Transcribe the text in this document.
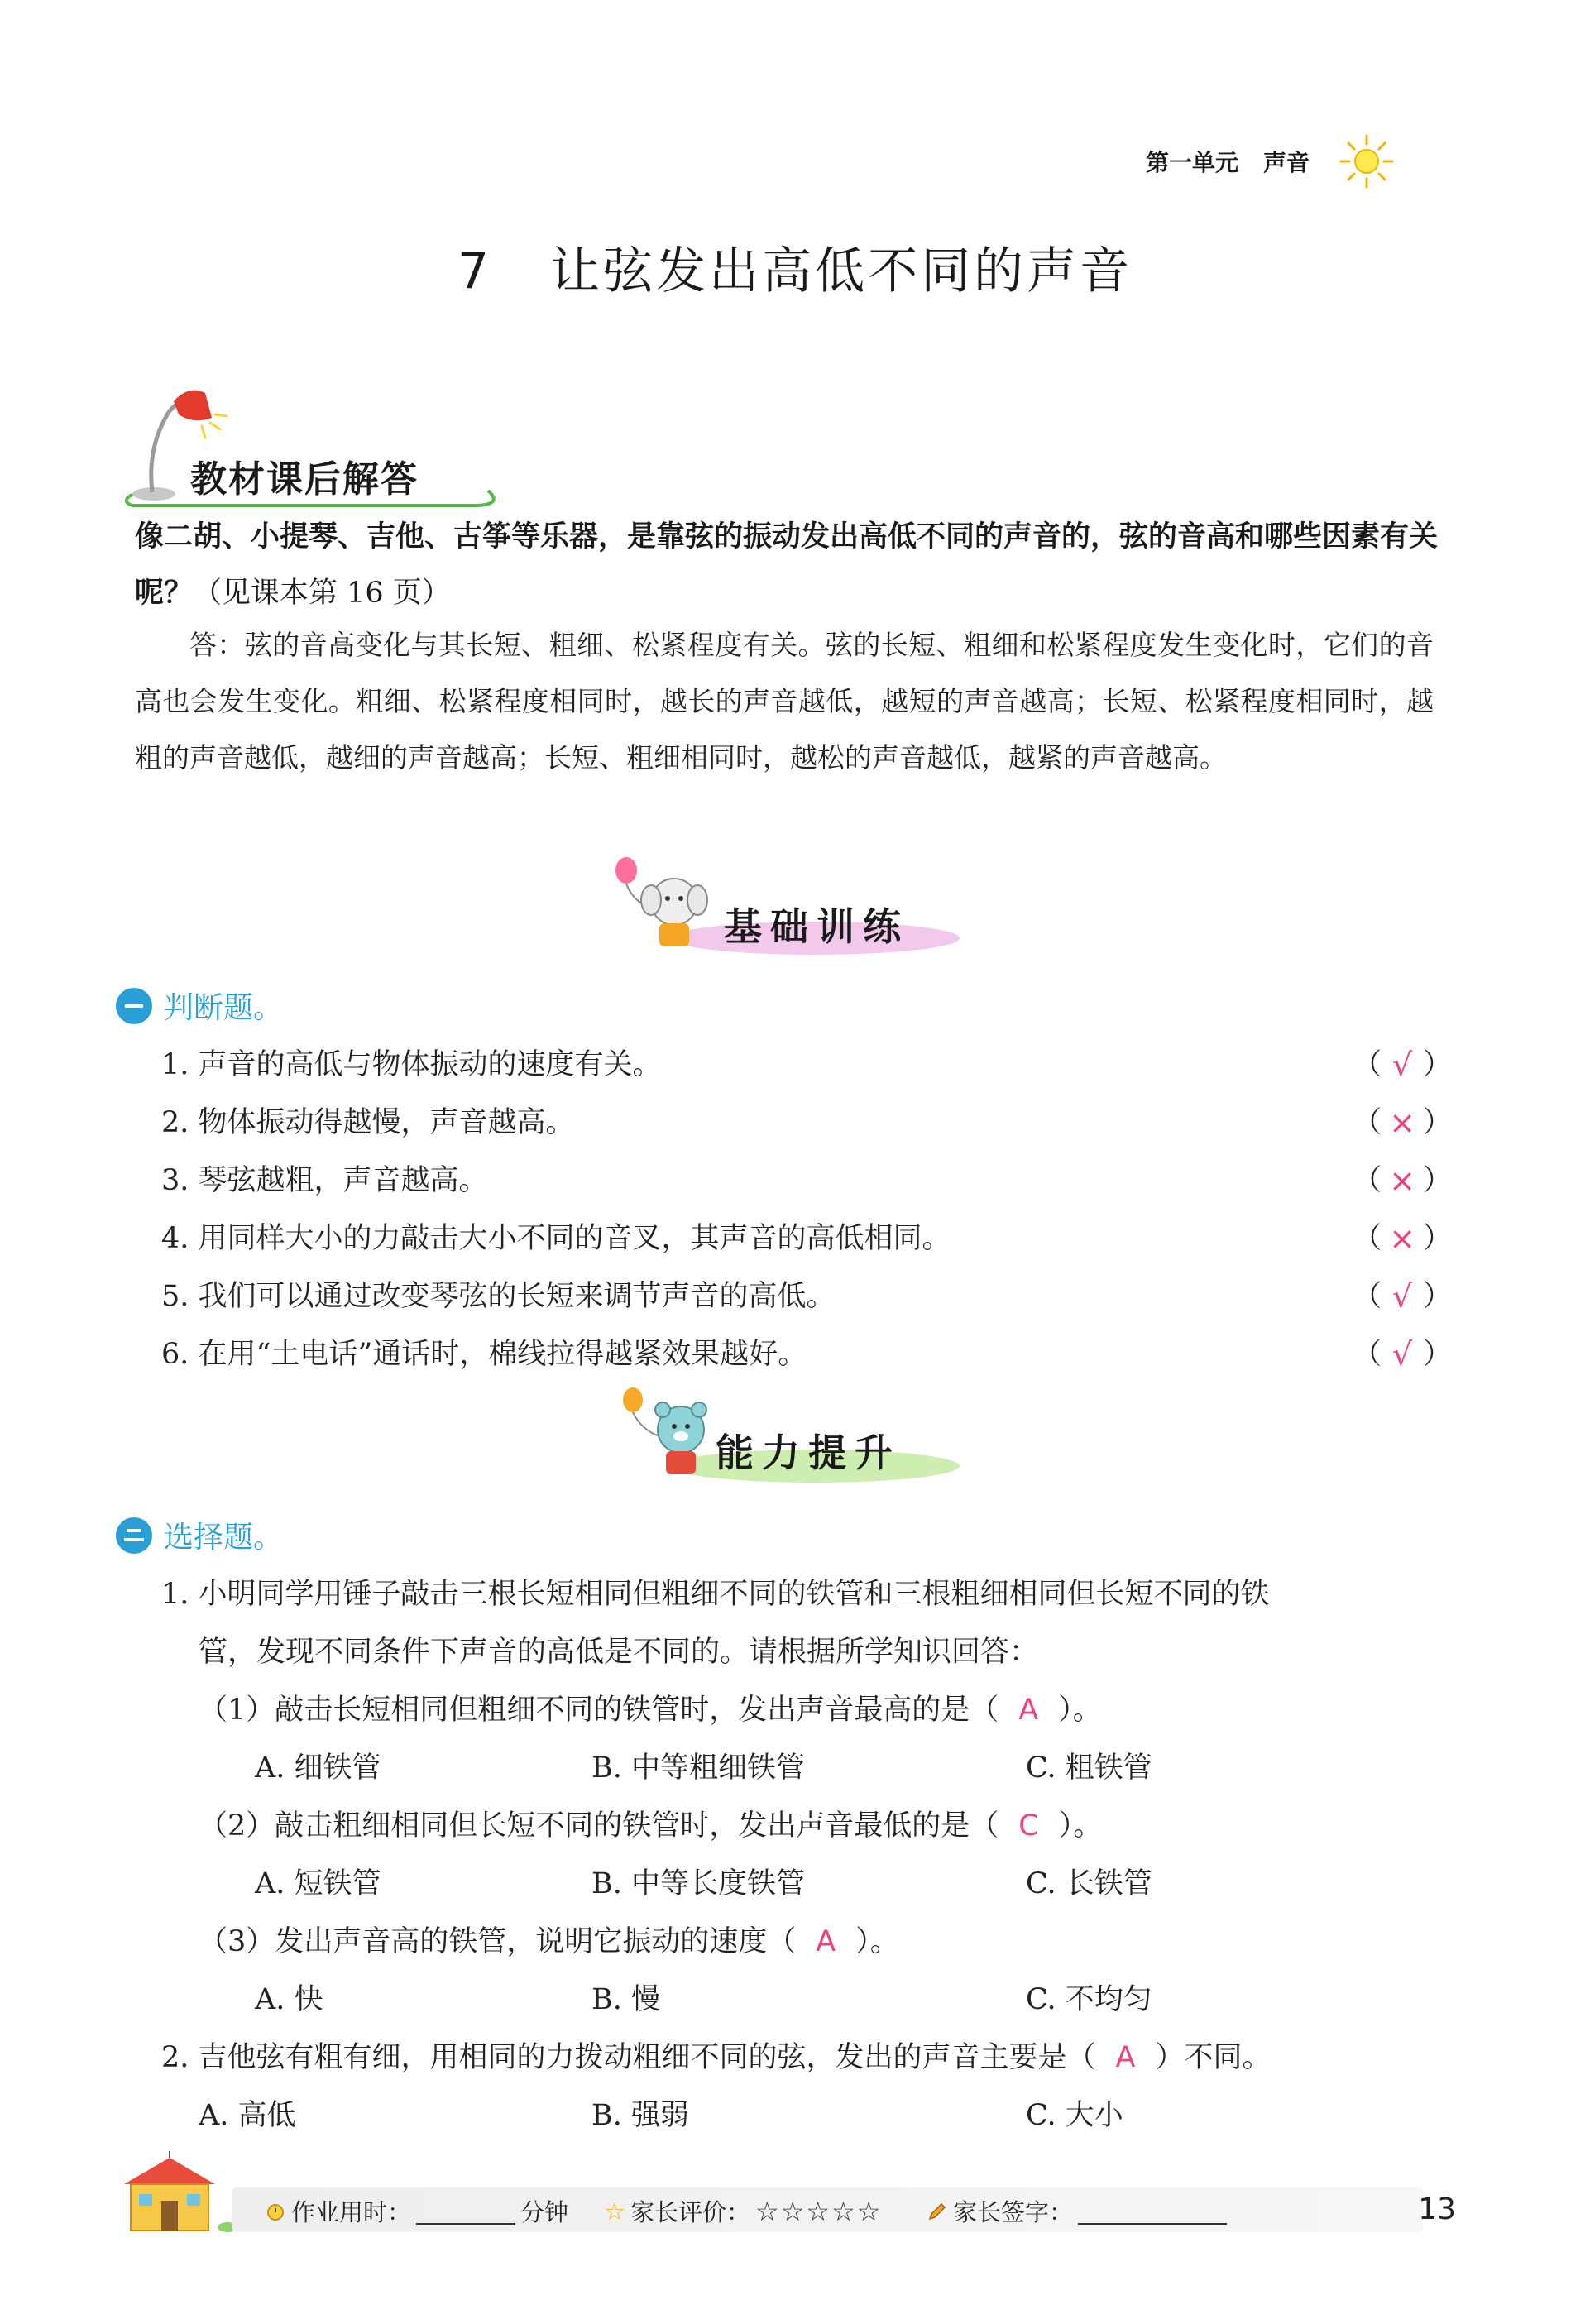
第一单元 声音
7 让弦发出高低不同的声音
教材课后解答
像二胡、小提琴、吉他、古筝等乐器，是靠弦的振动发出高低不同的声音的，弦的音高和哪些因素有关呢？（见课本第 16 页）
答：弦的音高变化与其长短、粗细、松紧程度有关。弦的长短、粗细和松紧程度发生变化时，它们的音高也会发生变化。粗细、松紧程度相同时，越长的声音越低，越短的声音越高；长短、松紧程度相同时，越粗的声音越低，越细的声音越高；长短、粗细相同时，越松的声音越低，越紧的声音越高。
基础训练
判断题。
1. 声音的高低与物体振动的速度有关。	（ √ ）
2. 物体振动得越慢，声音越高。	（ × ）
3. 琴弦越粗，声音越高。	（ × ）
4. 用同样大小的力敲击大小不同的音叉，其声音的高低相同。	（ × ）
5. 我们可以通过改变琴弦的长短来调节声音的高低。	（ √ ）
6. 在用“土电话”通话时，棉线拉得越紧效果越好。	（ √ ）
能力提升
选择题。
1. 小明同学用锤子敲击三根长短相同但粗细不同的铁管和三根粗细相同但长短不同的铁
管，发现不同条件下声音的高低是不同的。请根据所学知识回答：
（1）敲击长短相同但粗细不同的铁管时，发出声音最高的是（ A ）。
A. 细铁管	B. 中等粗细铁管	C. 粗铁管
（2）敲击粗细相同但长短不同的铁管时，发出声音最低的是（ C ）。
A. 短铁管	B. 中等长度铁管	C. 长铁管
（3）发出声音高的铁管，说明它振动的速度（ A ）。
A. 快	B. 慢	C. 不均匀
2. 吉他弦有粗有细，用相同的力拨动粗细不同的弦，发出的声音主要是（ A ）不同。
A. 高低	B. 强弱	C. 大小
作业用时：	分钟 ☆ 家长评价： ☆☆☆☆☆	家长签字：	13
